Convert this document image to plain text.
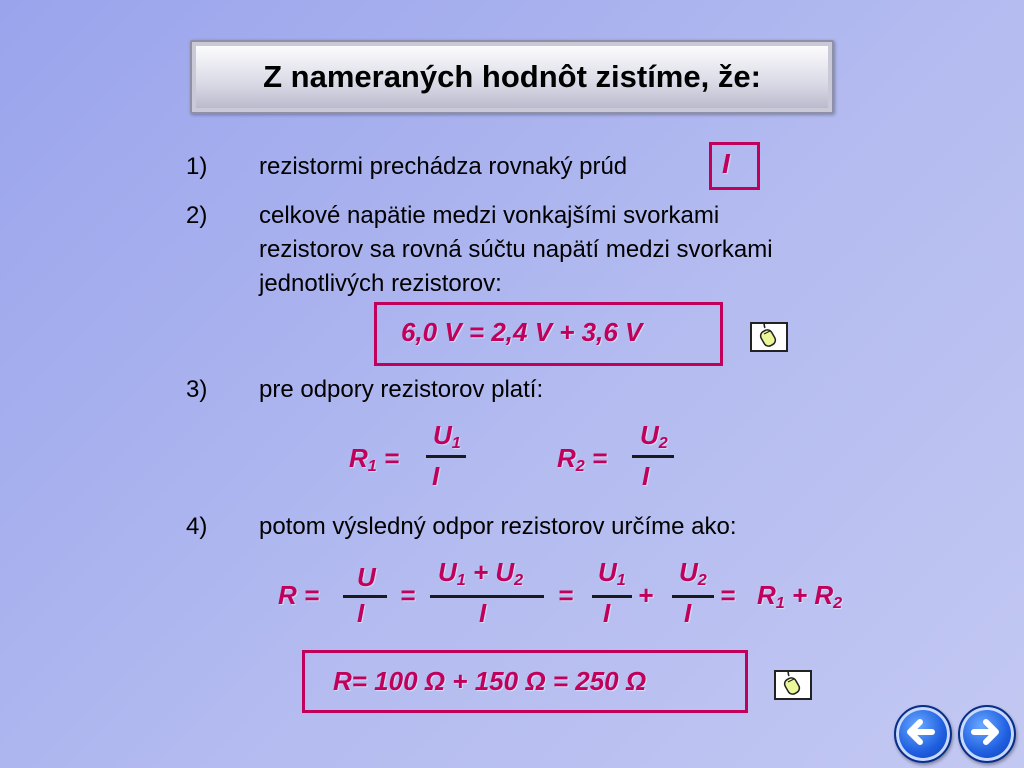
Z nameraných hodnôt zistíme, že:
1) rezistormi prechádza rovnaký prúd	I
2) celkové napätie medzi vonkajšími svorkami
rezistorov sa rovná súčtu napätí medzi svorkami
jednotlivých rezistorov:
6,0 V = 2,4 V + 3,6 V
3) pre odpory rezistorov platí:
$R_1$ =
$U_1$
I
$R_2$ =
$U_2$
I
4) potom výsledný odpor rezistorov určíme ako:
R =
U
I
=
$U_1 + U_2$
I
=
$U_1$
I
+
$U_2$
I
= $R_1 + R_2$
R= 100 Ω + 150 Ω = 250 Ω
